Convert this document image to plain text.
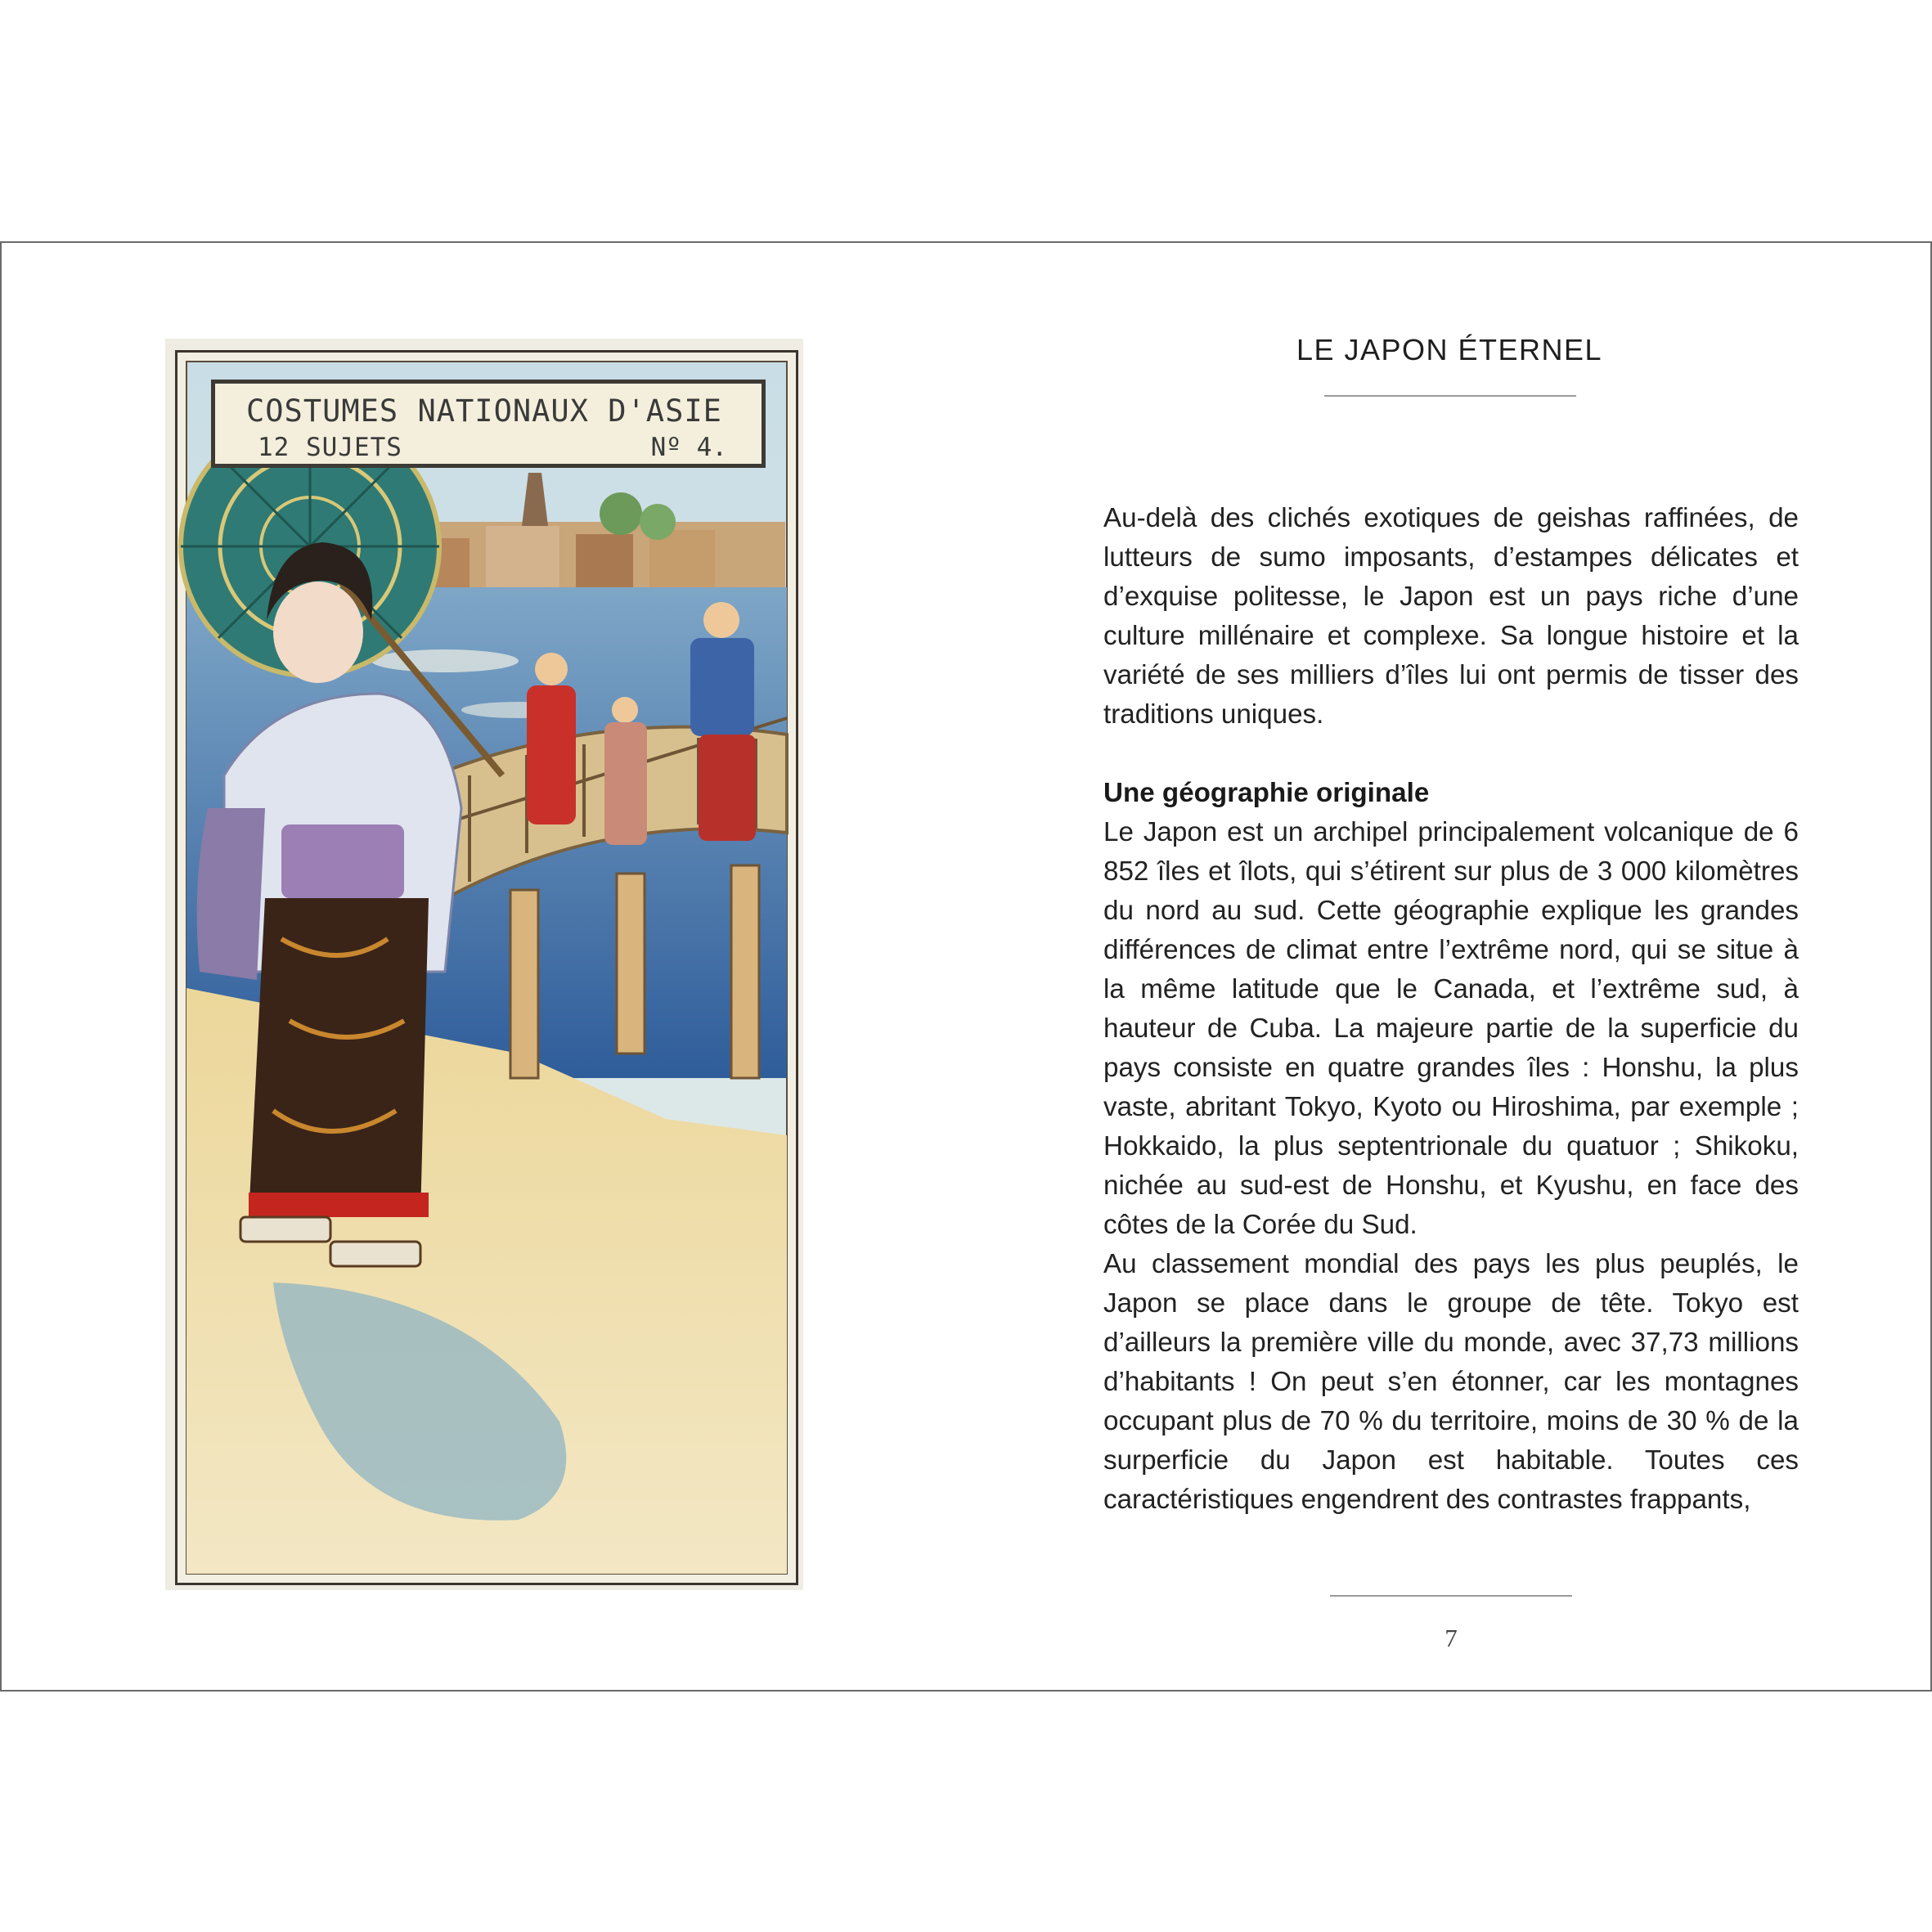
COSTUMES NATIONAUX D'ASIE
12 SUJETS	Nº 4.
LE JAPON ÉTERNEL

Au-delà des clichés exotiques de geishas raffinées, de lutteurs de sumo imposants, d’estampes délicates et d’exquise politesse, le Japon est un pays riche d’une culture millénaire et complexe. Sa longue histoire et la variété de ses milliers d’îles lui ont permis de tisser des traditions uniques.

Une géographie originale

Le Japon est un archipel principalement volcanique de 6 852 îles et îlots, qui s’étirent sur plus de 3 000 kilomètres du nord au sud. Cette géographie explique les grandes différences de climat entre l’extrême nord, qui se situe à la même latitude que le Canada, et l’extrême sud, à hauteur de Cuba. La majeure partie de la superficie du pays consiste en quatre grandes îles : Honshu, la plus vaste, abritant Tokyo, Kyoto ou Hiroshima, par exemple ; Hokkaido, la plus septentrionale du quatuor ; Shikoku, nichée au sud-est de Honshu, et Kyushu, en face des côtes de la Corée du Sud.

Au classement mondial des pays les plus peuplés, le Japon se place dans le groupe de tête. Tokyo est d’ailleurs la première ville du monde, avec 37,73 millions d’habitants ! On peut s’en étonner, car les montagnes occupant plus de 70 % du territoire, moins de 30 % de la surperficie du Japon est habitable. Toutes ces caractéristiques engendrent des contrastes frappants,

7
